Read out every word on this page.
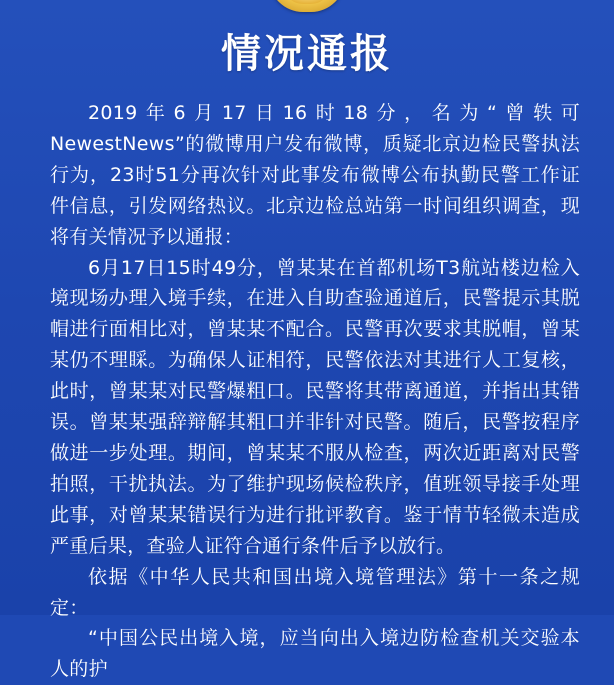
情况通报

2019年6月17日16时18分，名为“曾轶可NewestNews”的微博用户发布微博，质疑北京边检民警执法行为，23时51分再次针对此事发布微博公布执勤民警工作证件信息，引发网络热议。北京边检总站第一时间组织调查，现将有关情况予以通报：

6月17日15时49分，曾某某在首都机场T3航站楼边检入境现场办理入境手续，在进入自助查验通道后，民警提示其脱帽进行面相比对，曾某某不配合。民警再次要求其脱帽，曾某某仍不理睬。为确保人证相符，民警依法对其进行人工复核，此时，曾某某对民警爆粗口。民警将其带离通道，并指出其错误。曾某某强辞辩解其粗口并非针对民警。随后，民警按程序做进一步处理。期间，曾某某不服从检查，两次近距离对民警拍照，干扰执法。为了维护现场候检秩序，值班领导接手处理此事，对曾某某错误行为进行批评教育。鉴于情节轻微未造成严重后果，查验人证符合通行条件后予以放行。

依据《中华人民共和国出境入境管理法》第十一条之规定：

“中国公民出境入境，应当向出入境边防检查机关交验本人的护
